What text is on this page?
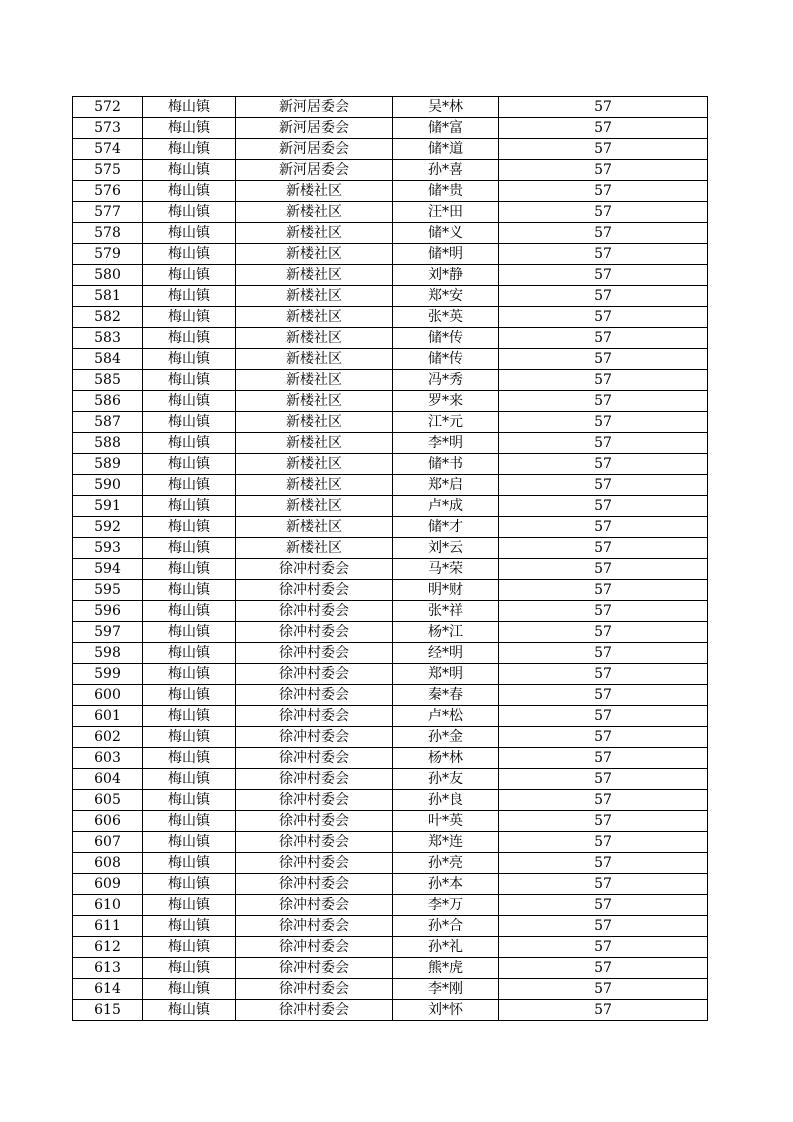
572	梅山镇	新河居委会	吴*林	57
573	梅山镇	新河居委会	储*富	57
574	梅山镇	新河居委会	储*道	57
575	梅山镇	新河居委会	孙*喜	57
576	梅山镇	新楼社区	储*贵	57
577	梅山镇	新楼社区	汪*田	57
578	梅山镇	新楼社区	储*义	57
579	梅山镇	新楼社区	储*明	57
580	梅山镇	新楼社区	刘*静	57
581	梅山镇	新楼社区	郑*安	57
582	梅山镇	新楼社区	张*英	57
583	梅山镇	新楼社区	储*传	57
584	梅山镇	新楼社区	储*传	57
585	梅山镇	新楼社区	冯*秀	57
586	梅山镇	新楼社区	罗*来	57
587	梅山镇	新楼社区	江*元	57
588	梅山镇	新楼社区	李*明	57
589	梅山镇	新楼社区	储*书	57
590	梅山镇	新楼社区	郑*启	57
591	梅山镇	新楼社区	卢*成	57
592	梅山镇	新楼社区	储*才	57
593	梅山镇	新楼社区	刘*云	57
594	梅山镇	徐冲村委会	马*荣	57
595	梅山镇	徐冲村委会	明*财	57
596	梅山镇	徐冲村委会	张*祥	57
597	梅山镇	徐冲村委会	杨*江	57
598	梅山镇	徐冲村委会	经*明	57
599	梅山镇	徐冲村委会	郑*明	57
600	梅山镇	徐冲村委会	秦*春	57
601	梅山镇	徐冲村委会	卢*松	57
602	梅山镇	徐冲村委会	孙*金	57
603	梅山镇	徐冲村委会	杨*林	57
604	梅山镇	徐冲村委会	孙*友	57
605	梅山镇	徐冲村委会	孙*良	57
606	梅山镇	徐冲村委会	叶*英	57
607	梅山镇	徐冲村委会	郑*连	57
608	梅山镇	徐冲村委会	孙*亮	57
609	梅山镇	徐冲村委会	孙*本	57
610	梅山镇	徐冲村委会	李*万	57
611	梅山镇	徐冲村委会	孙*合	57
612	梅山镇	徐冲村委会	孙*礼	57
613	梅山镇	徐冲村委会	熊*虎	57
614	梅山镇	徐冲村委会	李*刚	57
615	梅山镇	徐冲村委会	刘*怀	57
